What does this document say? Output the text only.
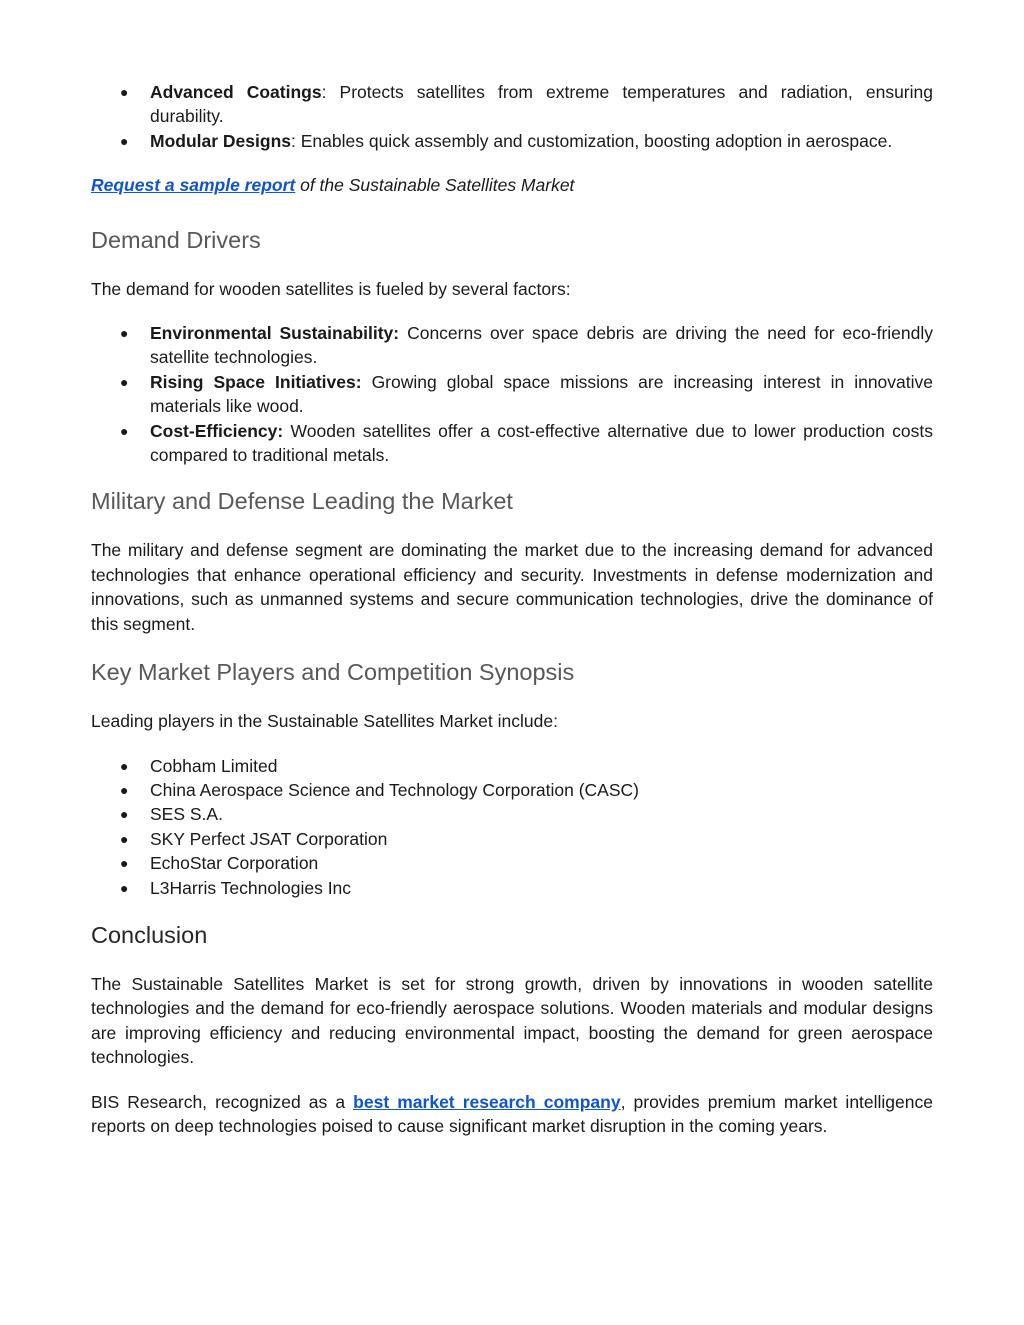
● Advanced Coatings: Protects satellites from extreme temperatures and radiation, ensuring durability.
● Modular Designs: Enables quick assembly and customization, boosting adoption in aerospace.

Request a sample report of the Sustainable Satellites Market

Demand Drivers

The demand for wooden satellites is fueled by several factors:

● Environmental Sustainability: Concerns over space debris are driving the need for eco-friendly satellite technologies.
● Rising Space Initiatives: Growing global space missions are increasing interest in innovative materials like wood.
● Cost-Efficiency: Wooden satellites offer a cost-effective alternative due to lower production costs compared to traditional metals.
Military and Defense Leading the Market

The military and defense segment are dominating the market due to the increasing demand for advanced technologies that enhance operational efficiency and security. Investments in defense modernization and innovations, such as unmanned systems and secure communication technologies, drive the dominance of this segment.

Key Market Players and Competition Synopsis

Leading players in the Sustainable Satellites Market include:

● Cobham Limited
● China Aerospace Science and Technology Corporation (CASC)
● SES S.A.
● SKY Perfect JSAT Corporation
● EchoStar Corporation
● L3Harris Technologies Inc
Conclusion

The Sustainable Satellites Market is set for strong growth, driven by innovations in wooden satellite technologies and the demand for eco-friendly aerospace solutions. Wooden materials and modular designs are improving efficiency and reducing environmental impact, boosting the demand for green aerospace technologies.

BIS Research, recognized as a best market research company, provides premium market intelligence reports on deep technologies poised to cause significant market disruption in the coming years.
